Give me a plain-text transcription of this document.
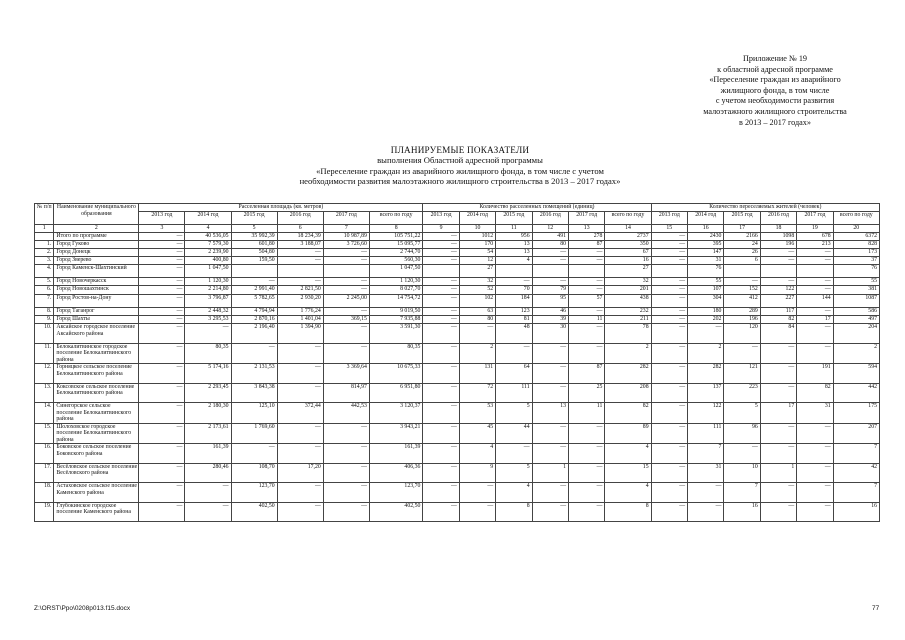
Приложение № 19
к областной адресной программе
«Переселение граждан из аварийного
жилищного фонда, в том числе
с учетом необходимости развития
малоэтажного жилищного строительства
в 2013 – 2017 годах»
ПЛАНИРУЕМЫЕ ПОКАЗАТЕЛИ
выполнения Областной адресной программы
«Переселение граждан из аварийного жилищного фонда, в том числе с учетом
необходимости развития малоэтажного жилищного строительства в 2013 – 2017 годах»
№ п/п	Наименование муниципального образования	Расселенная площадь (кв. метров)						Количество расселенных помещений (единиц)						Количество переселяемых жителей (человек)					
		2013 год	2014 год	2015 год	2016 год	2017 год	всего по году	2013 год	2014 год	2015 год	2016 год	2017 год	всего по году	2013 год	2014 год	2015 год	2016 год	2017 год	всего по году
1	2	3	4	5	6	7	8	9	10	11	12	13	14	15	16	17	18	19	20
	Итого по программе	—	40 536,05	35 992,39	18 234,39	10 987,89	105 751,22	—	1012	956	491	278	2737	—	2430	2166	1098	678	6372
1.	Город Гуково	—	7 579,30	601,80	3 188,07	3 726,60	15 095,77	—	170	13	80	87	350	—	395	24	196	213	828
2.	Город Донецк	—	2 239,90	504,80	—	—	2 744,70	—	54	13	—	—	67	—	147	26	—	—	173
3.	Город Зверево	—	400,80	159,50	—	—	560,30	—	12	4	—	—	16	—	31	6	—	—	37
4.	Город Каменск-Шахтинский	—	1 047,50				1 047,50		27				27		76				76
5.	Город Новочеркасск	—	1 120,30	—	—	—	1 120,30	—	32	—	—	—	32	—	55	—	—	—	55
6.	Город Новошахтинск	—	2 214,80	2 991,40	2 821,50	—	8 027,70	—	52	70	79	—	201	—	107	152	122	—	381
7.	Город Ростов-на-Дону	—	3 796,87	5 782,65	2 930,20	2 245,00	14 754,72	—	102	184	95	57	438	—	304	412	227	144	1087
8.	Город Таганрог	—	2 448,32	4 794,94	1 776,24	—	9 019,50	—	63	123	46	—	232	—	180	289	117	—	586
9.	Город Шахты	—	3 295,53	2 870,16	1 401,04	369,15	7 935,88	—	80	81	39	11	211	—	202	196	82	17	497
10.	Аксайское городское поселение Аксайского района	—	—	2 196,40	1 394,90	—	3 591,30	—	—	48	30	—	78	—	—	120	84	—	204
11.	Белокалитвинское городское поселение Белокалитвинского района	—	80,35	—	—	—	80,35	—	2	—	—	—	2	—	2	—	—	—	2
12.	Горняцкое сельское поселение Белокалитвинского района	—	5 174,16	2 131,53	—	3 369,64	10 675,33	—	131	64	—	87	282	—	282	121	—	191	594
13.	Коксовское сельское поселение Белокалитвинского района	—	2 293,45	3 843,38	—	814,97	6 951,80	—	72	111	—	25	208	—	137	223	—	82	442
14.	Синегорское сельское поселение Белокалитвинского района	—	2 180,30	125,10	372,44	442,53	3 120,37	—	53	5	13	11	82	—	122	5	17	31	175
15.	Шолоховское городское поселение Белокалитвинского района	—	2 173,61	1 769,60	—	—	3 943,21	—	45	44	—	—	89	—	111	96	—	—	207
16.	Боковское сельское поселение Боковского района	—	161,39	—	—	—	161,39	—	4	—	—	—	4	—	7	—	—	—	7
17.	Весёловское сельское поселение Весёловского района	—	280,46	108,70	17,20	—	406,36	—	9	5	1	—	15	—	31	10	1	—	42
18.	Астаховское сельское поселение Каменского района	—	—	123,70	—	—	123,70	—	—	4	—	—	4	—	—	7	—	—	7
19.	Глубокинское городское поселение Каменского района	—	—	402,50	—	—	402,50	—	—	8	—	—	8	—	—	16	—	—	16
Z:\ORST\Ppo\0208p013.f15.docx	77
